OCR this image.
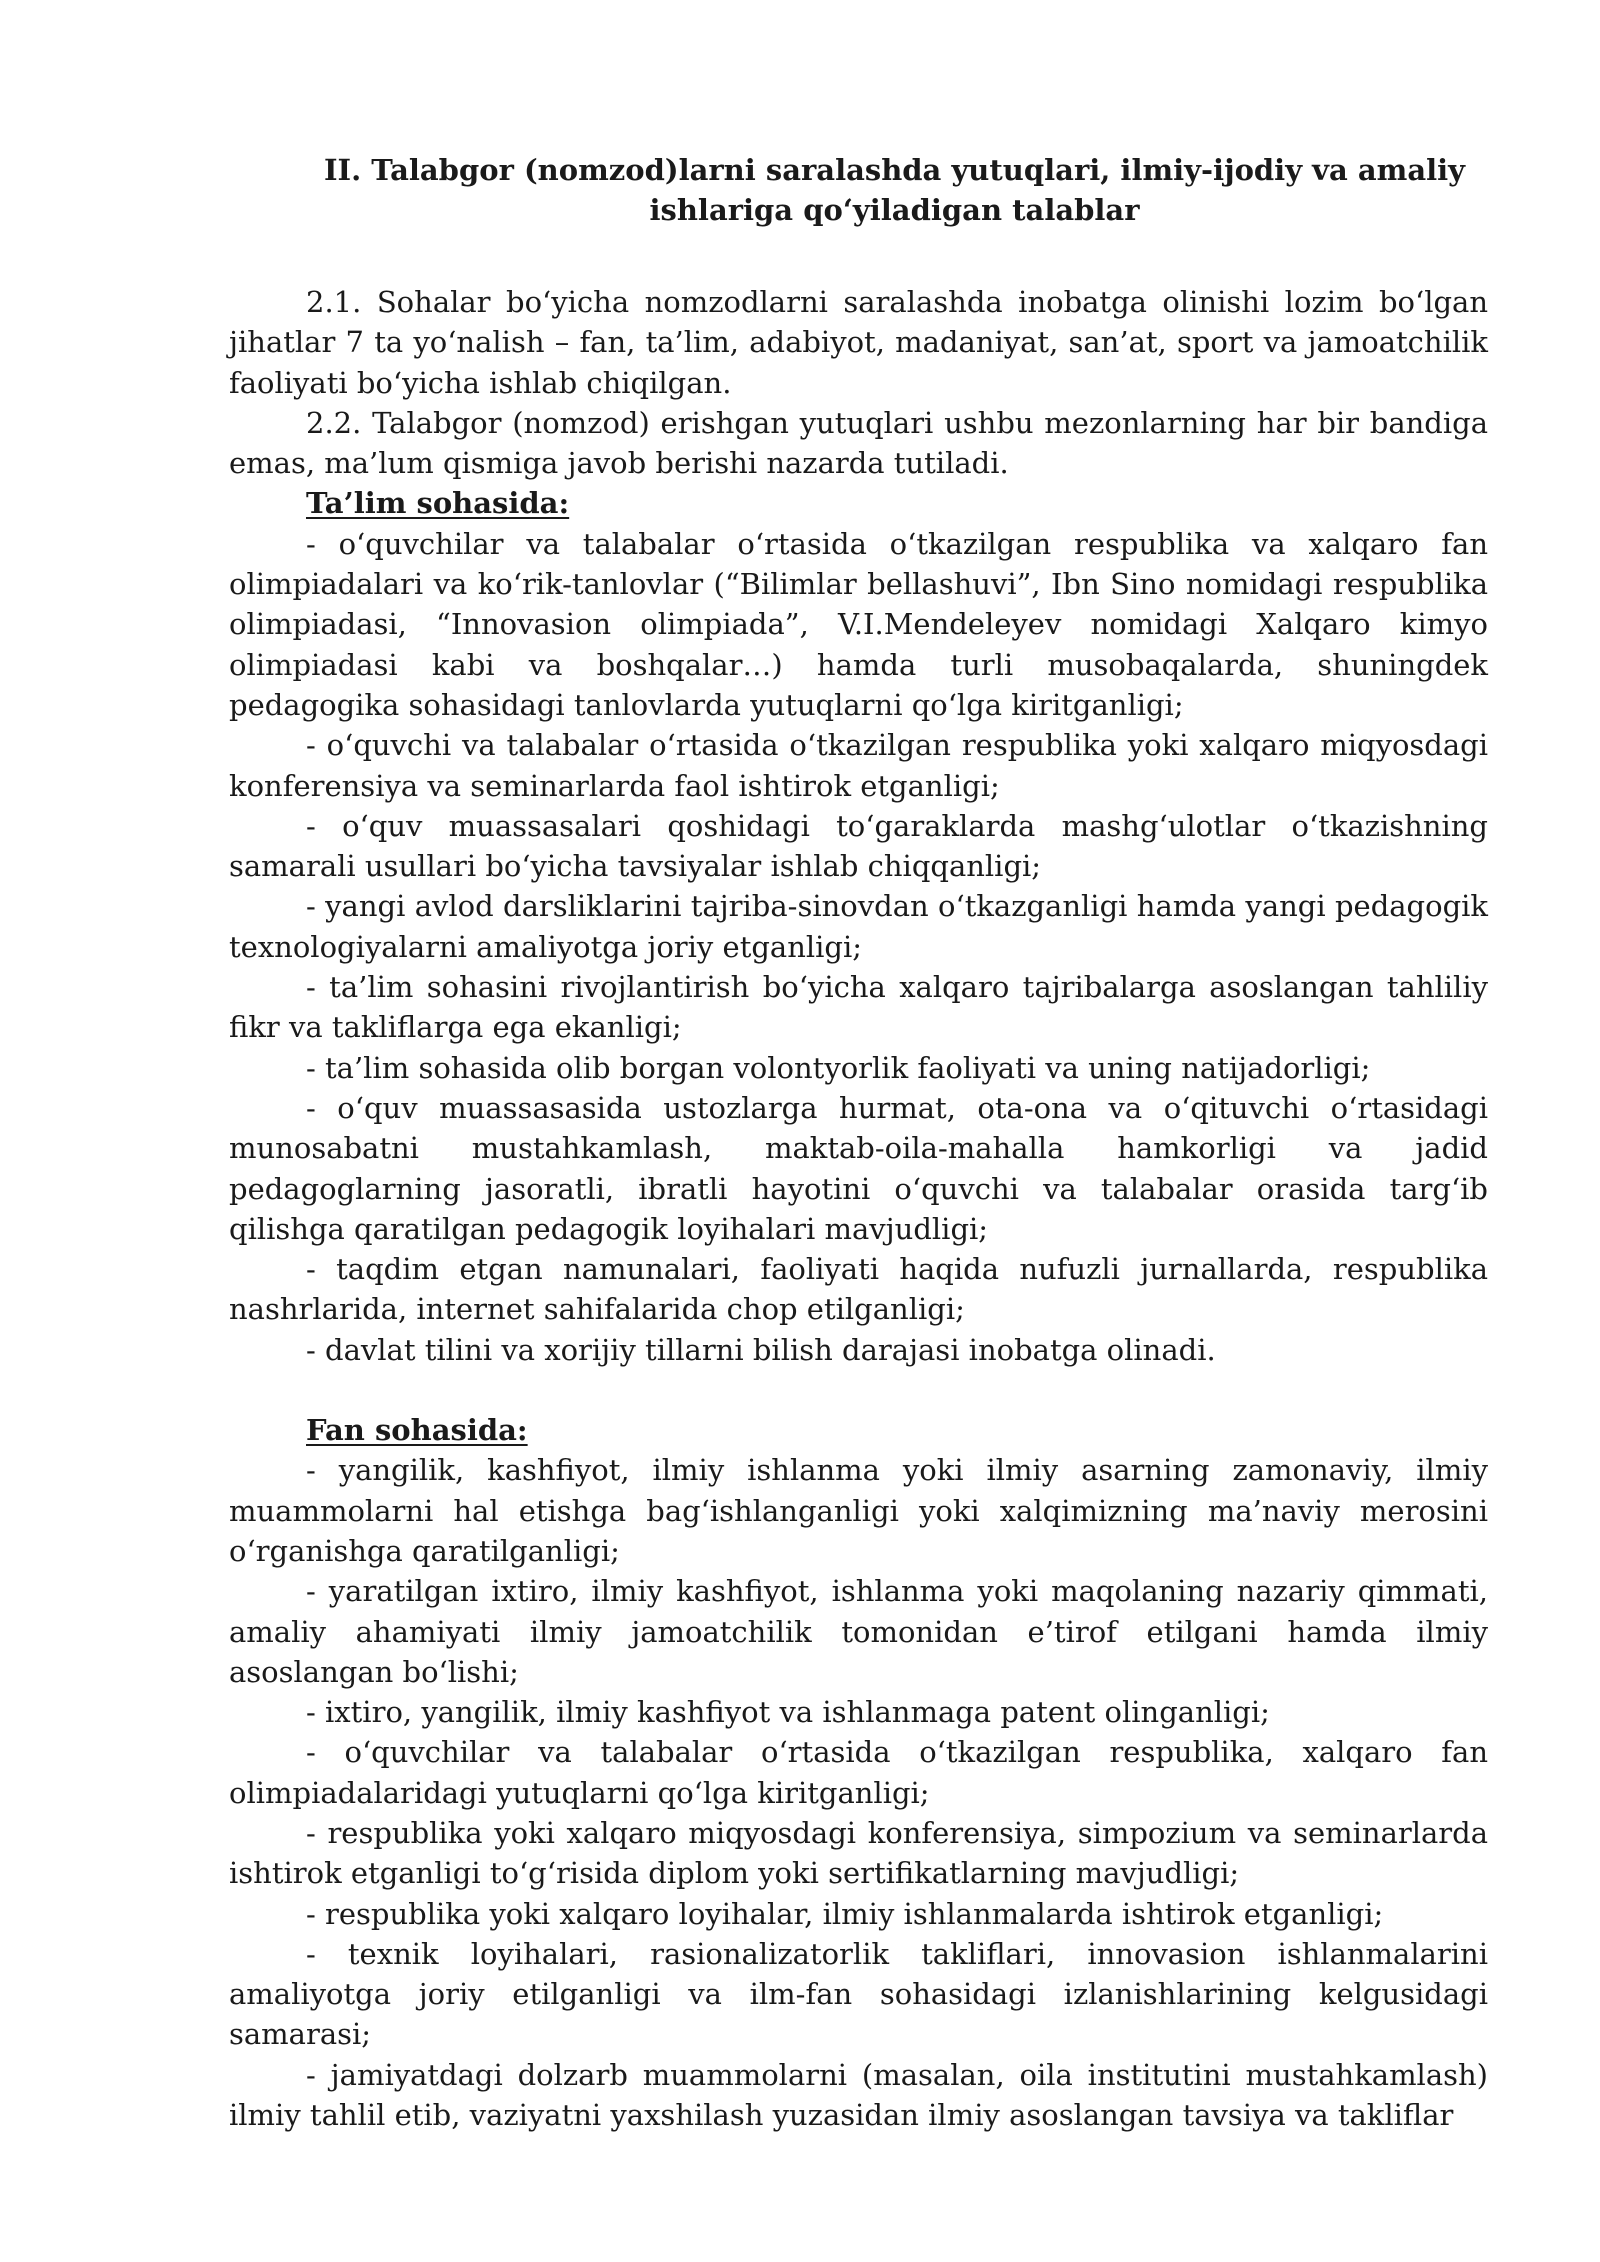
II. Talabgor (nomzod)larni saralashda yutuqlari, ilmiy-ijodiy va amaliy
ishlariga qo‘yiladigan talablar

2.1. Sohalar bo‘yicha nomzodlarni saralashda inobatga olinishi lozim bo‘lgan jihatlar 7 ta yo‘nalish – fan, ta’lim, adabiyot, madaniyat, san’at, sport va jamoatchilik faoliyati bo‘yicha ishlab chiqilgan.

2.2. Talabgor (nomzod) erishgan yutuqlari ushbu mezonlarning har bir bandiga emas, ma’lum qismiga javob berishi nazarda tutiladi.

Ta’lim sohasida:

- o‘quvchilar va talabalar o‘rtasida o‘tkazilgan respublika va xalqaro fan olimpiadalari va ko‘rik-tanlovlar (“Bilimlar bellashuvi”, Ibn Sino nomidagi respublika olimpiadasi, “Innovasion olimpiada”, V.I.Mendeleyev nomidagi Xalqaro kimyo olimpiadasi kabi va boshqalar…) hamda turli musobaqalarda, shuningdek pedagogika sohasidagi tanlovlarda yutuqlarni qo‘lga kiritganligi;

- o‘quvchi va talabalar o‘rtasida o‘tkazilgan respublika yoki xalqaro miqyosdagi konferensiya va seminarlarda faol ishtirok etganligi;

- o‘quv muassasalari qoshidagi to‘garaklarda mashg‘ulotlar o‘tkazishning samarali usullari bo‘yicha tavsiyalar ishlab chiqqanligi;

- yangi avlod darsliklarini tajriba-sinovdan o‘tkazganligi hamda yangi pedagogik texnologiyalarni amaliyotga joriy etganligi;

- ta’lim sohasini rivojlantirish bo‘yicha xalqaro tajribalarga asoslangan tahliliy fikr va takliflarga ega ekanligi;

- ta’lim sohasida olib borgan volontyorlik faoliyati va uning natijadorligi;

- o‘quv muassasasida ustozlarga hurmat, ota-ona va o‘qituvchi o‘rtasidagi munosabatni mustahkamlash, maktab-oila-mahalla hamkorligi va jadid pedagoglarning jasoratli, ibratli hayotini o‘quvchi va talabalar orasida targ‘ib qilishga qaratilgan pedagogik loyihalari mavjudligi;

- taqdim etgan namunalari, faoliyati haqida nufuzli jurnallarda, respublika nashrlarida, internet sahifalarida chop etilganligi;

- davlat tilini va xorijiy tillarni bilish darajasi inobatga olinadi.

Fan sohasida:

- yangilik, kashfiyot, ilmiy ishlanma yoki ilmiy asarning zamonaviy, ilmiy muammolarni hal etishga bag‘ishlanganligi yoki xalqimizning ma’naviy merosini o‘rganishga qaratilganligi;

- yaratilgan ixtiro, ilmiy kashfiyot, ishlanma yoki maqolaning nazariy qimmati, amaliy ahamiyati ilmiy jamoatchilik tomonidan e’tirof etilgani hamda ilmiy asoslangan bo‘lishi;

- ixtiro, yangilik, ilmiy kashfiyot va ishlanmaga patent olinganligi;

- o‘quvchilar va talabalar o‘rtasida o‘tkazilgan respublika, xalqaro fan olimpiadalaridagi yutuqlarni qo‘lga kiritganligi;

- respublika yoki xalqaro miqyosdagi konferensiya, simpozium va seminarlarda ishtirok etganligi to‘g‘risida diplom yoki sertifikatlarning mavjudligi;

- respublika yoki xalqaro loyihalar, ilmiy ishlanmalarda ishtirok etganligi;

- texnik loyihalari, rasionalizatorlik takliflari, innovasion ishlanmalarini amaliyotga joriy etilganligi va ilm-fan sohasidagi izlanishlarining kelgusidagi samarasi;

- jamiyatdagi dolzarb muammolarni (masalan, oila institutini mustahkamlash) ilmiy tahlil etib, vaziyatni yaxshilash yuzasidan ilmiy asoslangan tavsiya va takliflar
